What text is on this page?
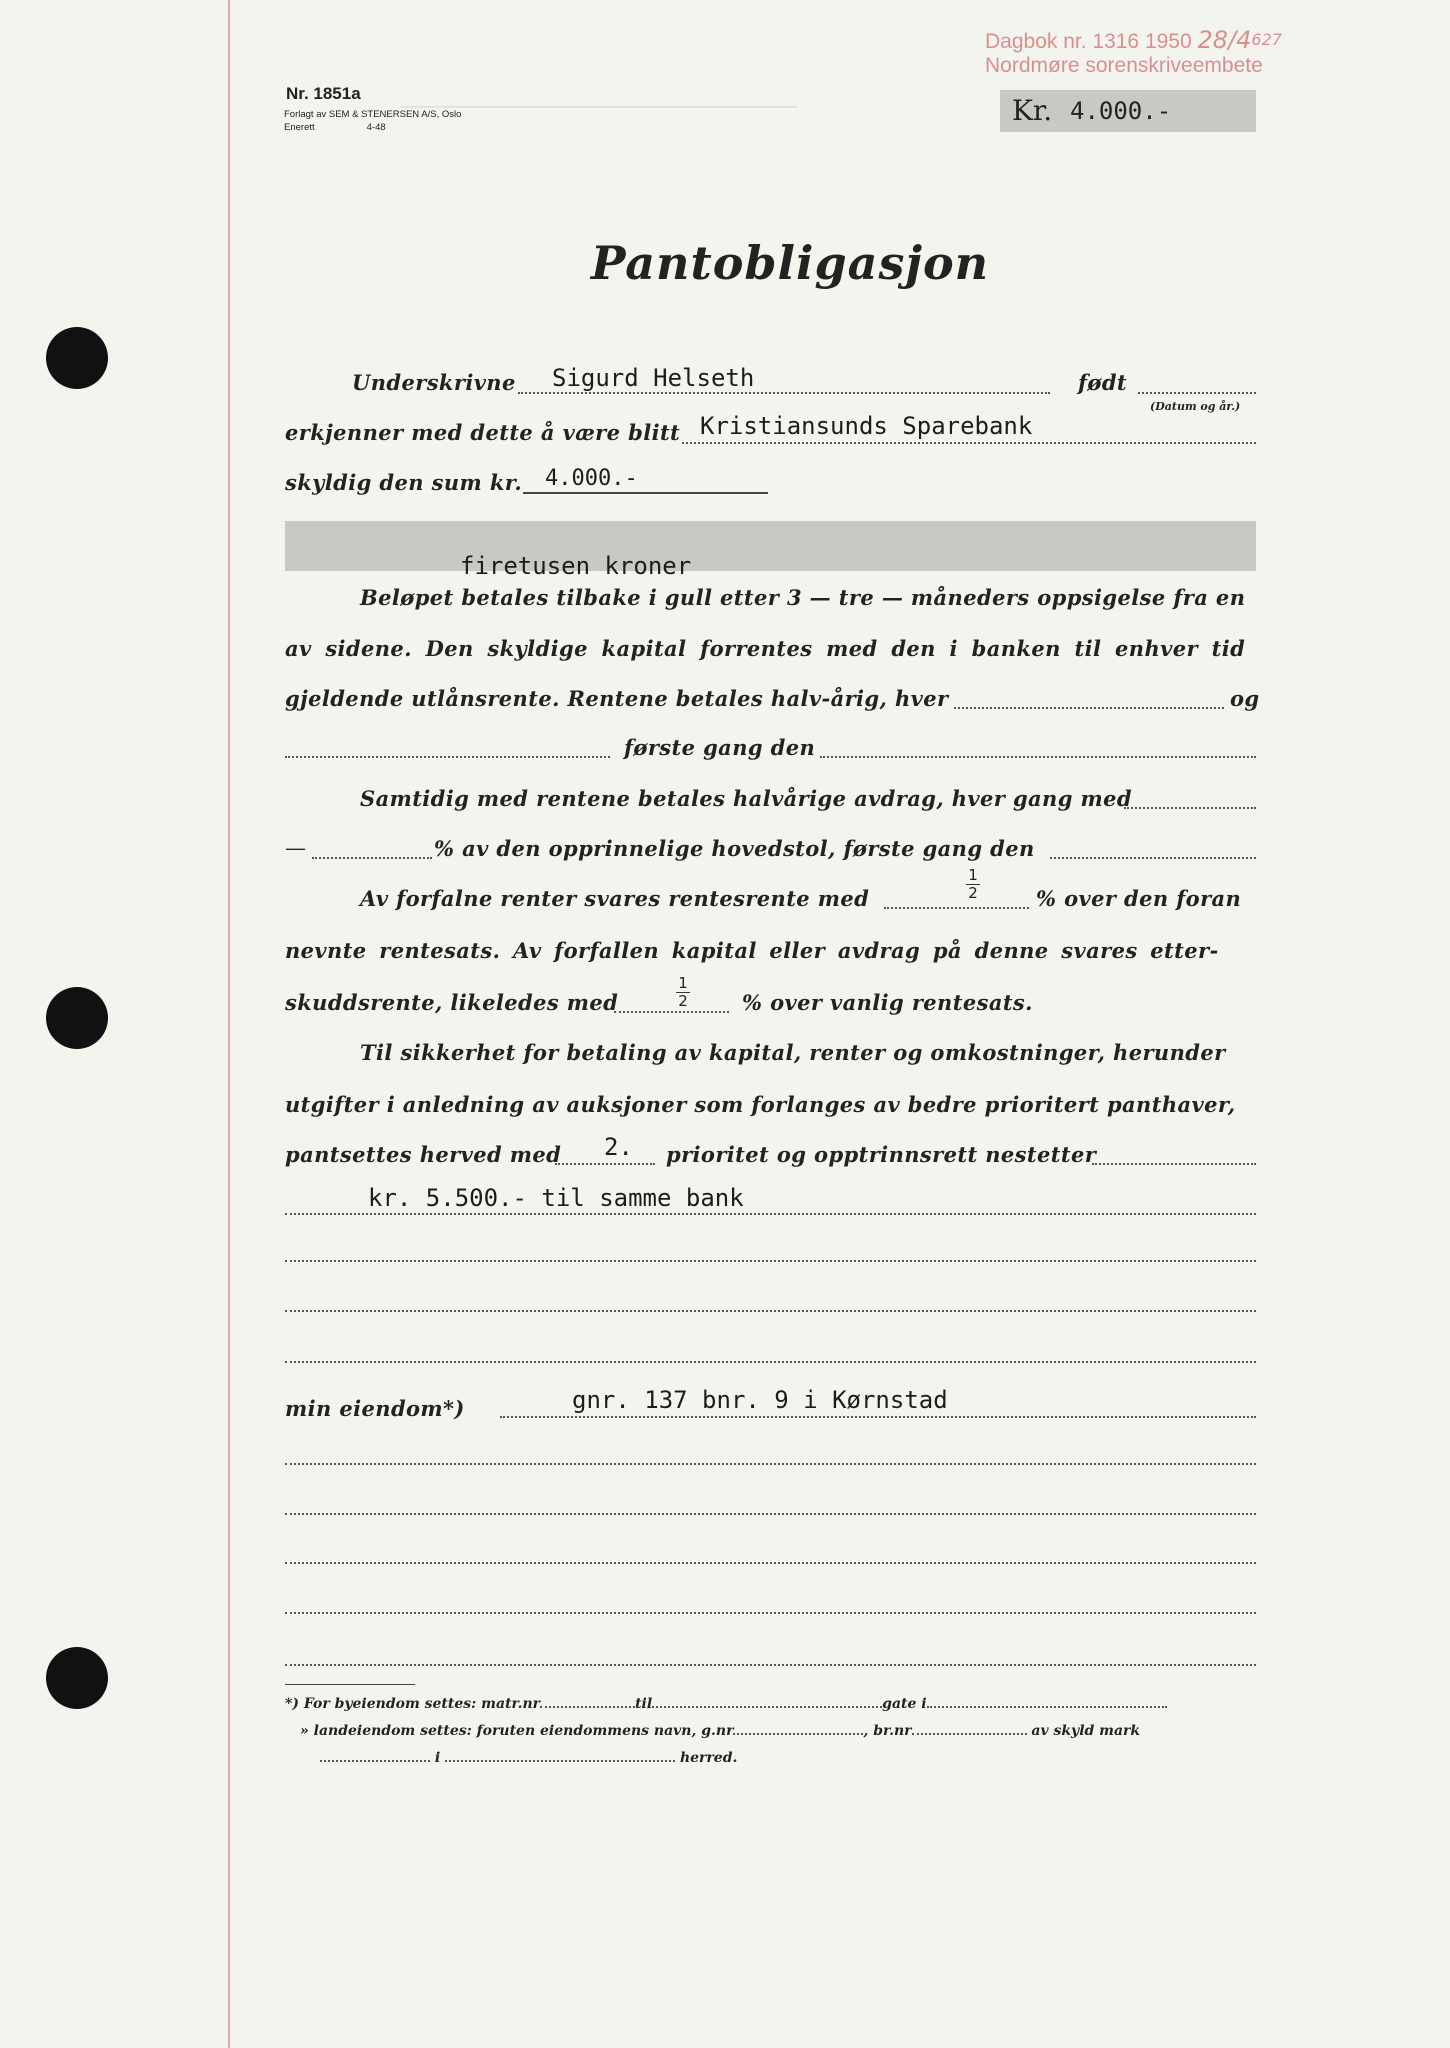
────────────────────────────────────────────
Dagbok nr. 1316 1950 $28/4^{627}$
Nordmøre sorenskriveembete
Nr. 1851a
Forlagt av SEM & STENERSEN A/S, Oslo
Enerett	4-48
Kr. 4.000.-
Pantobligasjon
Underskrivne Sigurd Helseth	født
(Datum og år.)
erkjenner med dette å være blitt Kristiansunds Sparebank
skyldig den sum kr. 4.000.-
firetusen kroner
Beløpet betales tilbake i gull etter 3 — tre — måneders oppsigelse fra en
av sidene. Den skyldige kapital forrentes med den i banken til enhver tid
gjeldende utlånsrente. Rentene betales halv-årig, hver	og
første gang den
Samtidig med rentene betales halvårige avdrag, hver gang med
—	% av den opprinnelige hovedstol, første gang den
Av forfalne renter svares rentesrente med
1
2	% over den foran
nevnte rentesats. Av forfallen kapital eller avdrag på denne svares etter-
skuddsrente, likeledes med
1
2	% over vanlig rentesats.
Til sikkerhet for betaling av kapital, renter og omkostninger, herunder
utgifter i anledning av auksjoner som forlanges av bedre prioritert panthaver,
pantsettes herved med 2. prioritet og opptrinnsrett nestetter
kr. 5.500.- til samme bank
min eiendom*)	gnr. 137 bnr. 9 i Kørnstad
*) For byeiendom settes: matr.nr	til	gate i
» landeiendom settes: foruten eiendommens navn, g.nr	, br.nr	av skyld mark
i	herred.
